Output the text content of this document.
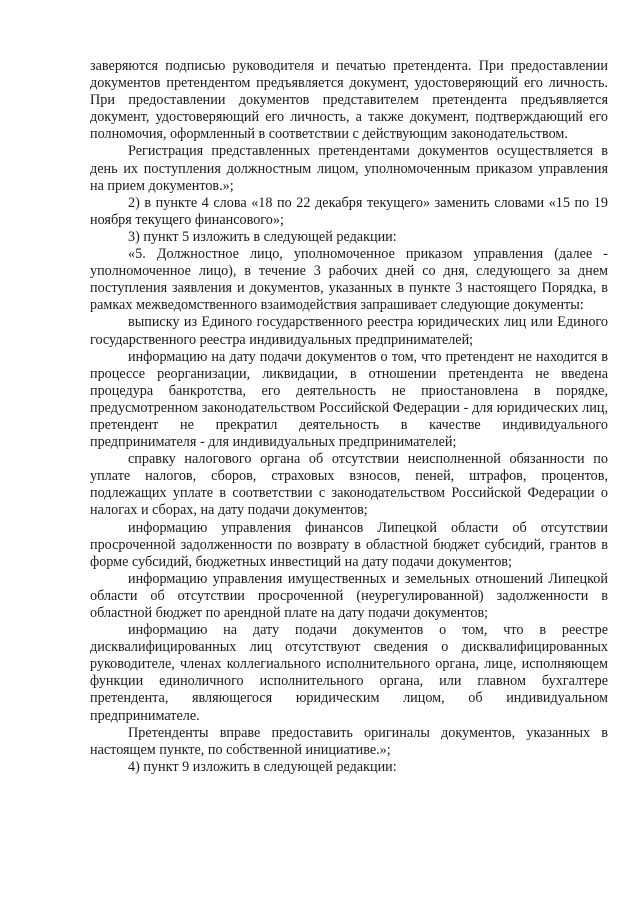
заверяются подписью руководителя и печатью претендента. При предоставлении документов претендентом предъявляется документ, удостоверяющий его личность. При предоставлении документов представителем претендента предъявляется документ, удостоверяющий его личность, а также документ, подтверждающий его полномочия, оформленный в соответствии с действующим законодательством.

Регистрация представленных претендентами документов осуществляется в день их поступления должностным лицом, уполномоченным приказом управления на прием документов.»;

2) в пункте 4 слова «18 по 22 декабря текущего» заменить словами «15 по 19 ноября текущего финансового»;

3) пункт 5 изложить в следующей редакции:

«5. Должностное лицо, уполномоченное приказом управления (далее - уполномоченное лицо), в течение 3 рабочих дней со дня, следующего за днем поступления заявления и документов, указанных в пункте 3 настоящего Порядка, в рамках межведомственного взаимодействия запрашивает следующие документы:

выписку из Единого государственного реестра юридических лиц или Единого государственного реестра индивидуальных предпринимателей;

информацию на дату подачи документов о том, что претендент не находится в процессе реорганизации, ликвидации, в отношении претендента не введена процедура банкротства, его деятельность не приостановлена в порядке, предусмотренном законодательством Российской Федерации - для юридических лиц, претендент не прекратил деятельность в качестве индивидуального предпринимателя - для индивидуальных предпринимателей;

справку налогового органа об отсутствии неисполненной обязанности по уплате налогов, сборов, страховых взносов, пеней, штрафов, процентов, подлежащих уплате в соответствии с законодательством Российской Федерации о налогах и сборах, на дату подачи документов;

информацию управления финансов Липецкой области об отсутствии просроченной задолженности по возврату в областной бюджет субсидий, грантов в форме субсидий, бюджетных инвестиций на дату подачи документов;

информацию управления имущественных и земельных отношений Липецкой области об отсутствии просроченной (неурегулированной) задолженности в областной бюджет по арендной плате на дату подачи документов;

информацию на дату подачи документов о том, что в реестре дисквалифицированных лиц отсутствуют сведения о дисквалифицированных руководителе, членах коллегиального исполнительного органа, лице, исполняющем функции единоличного исполнительного органа, или главном бухгалтере претендента, являющегося юридическим лицом, об индивидуальном предпринимателе.

Претенденты вправе предоставить оригиналы документов, указанных в настоящем пункте, по собственной инициативе.»;

4) пункт 9 изложить в следующей редакции:
